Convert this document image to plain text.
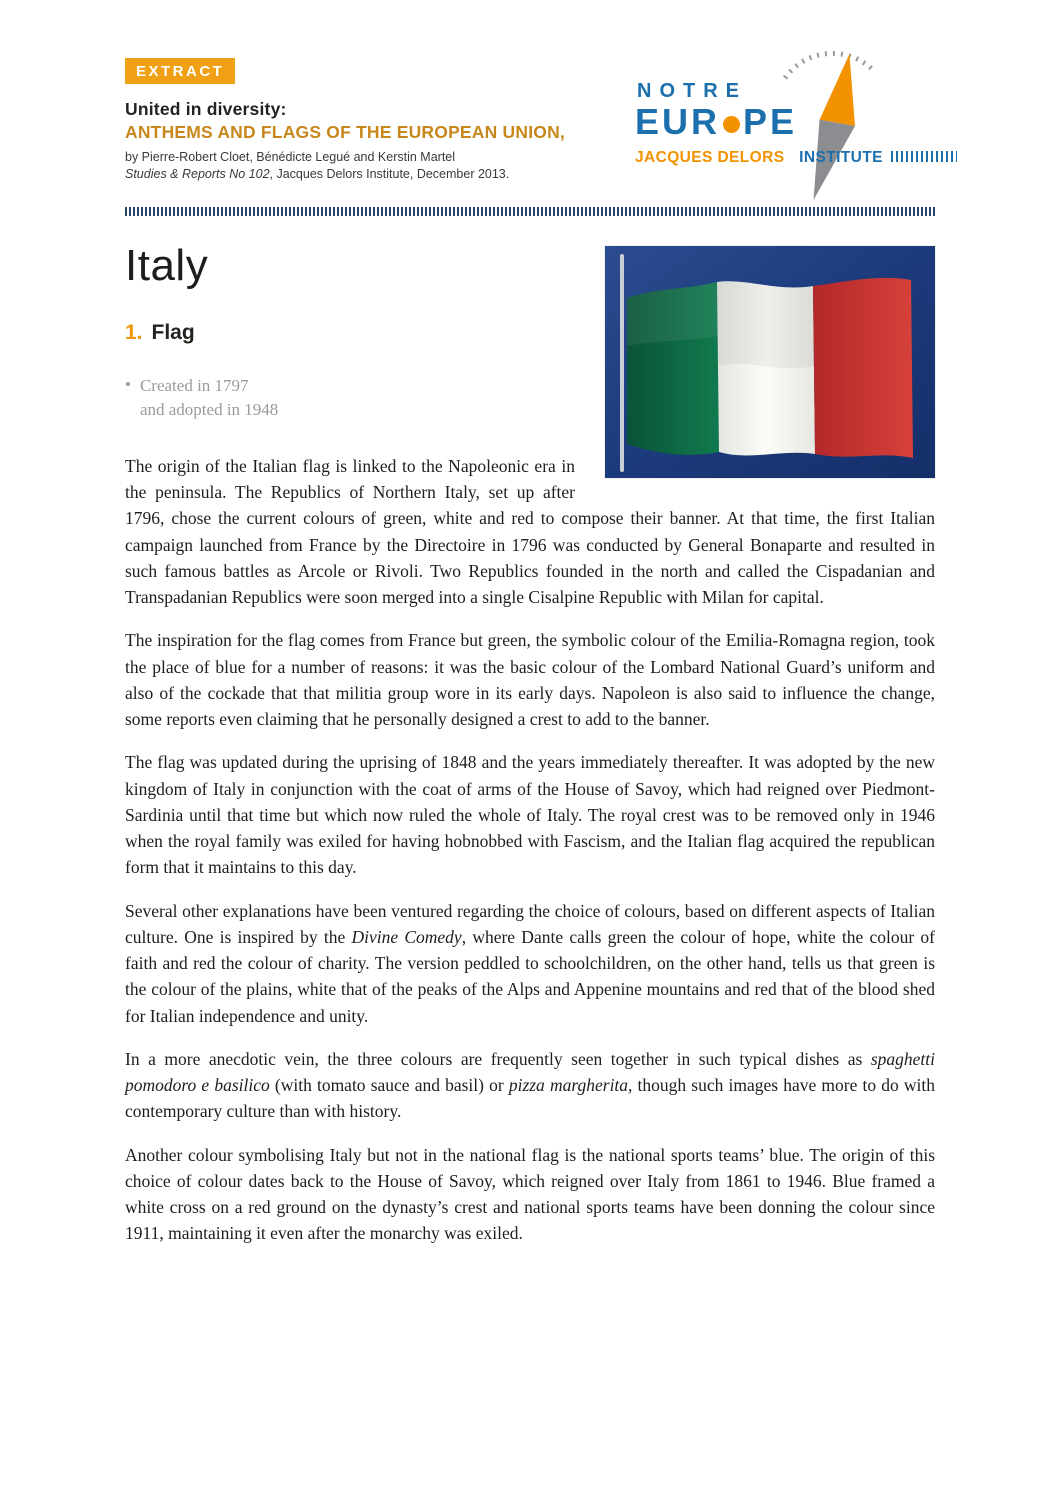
EXTRACT
United in diversity:
ANTHEMS AND FLAGS OF THE EUROPEAN UNION,
by Pierre-Robert Cloet, Bénédicte Legué and Kerstin Martel
Studies & Reports No 102, Jacques Delors Institute, December 2013.
NOTRE
EUR PE
JACQUES DELORS INSTITUTE
Italy
1. Flag
• Created in 1797
and adopted in 1948

The origin of the Italian flag is linked to the Napoleonic era in the peninsula. The Republics of Northern Italy, set up after 1796, chose the current colours of green, white and red to compose their banner. At that time, the first Italian campaign launched from France by the Directoire in 1796 was conducted by General Bonaparte and resulted in such famous battles as Arcole or Rivoli. Two Republics founded in the north and called the Cispadanian and Transpadanian Republics were soon merged into a single Cisalpine Republic with Milan for capital.

The inspiration for the flag comes from France but green, the symbolic colour of the Emilia-Romagna region, took the place of blue for a number of reasons: it was the basic colour of the Lombard National Guard’s uniform and also of the cockade that that militia group wore in its early days. Napoleon is also said to influence the change, some reports even claiming that he personally designed a crest to add to the banner.

The flag was updated during the uprising of 1848 and the years immediately thereafter. It was adopted by the new kingdom of Italy in conjunction with the coat of arms of the House of Savoy, which had reigned over Piedmont-Sardinia until that time but which now ruled the whole of Italy. The royal crest was to be removed only in 1946 when the royal family was exiled for having hobnobbed with Fascism, and the Italian flag acquired the republican form that it maintains to this day.

Several other explanations have been ventured regarding the choice of colours, based on different aspects of Italian culture. One is inspired by the Divine Comedy, where Dante calls green the colour of hope, white the colour of faith and red the colour of charity. The version peddled to schoolchildren, on the other hand, tells us that green is the colour of the plains, white that of the peaks of the Alps and Appenine mountains and red that of the blood shed for Italian independence and unity.

In a more anecdotic vein, the three colours are frequently seen together in such typical dishes as spaghetti pomodoro e basilico (with tomato sauce and basil) or pizza margherita, though such images have more to do with contemporary culture than with history.

Another colour symbolising Italy but not in the national flag is the national sports teams’ blue. The origin of this choice of colour dates back to the House of Savoy, which reigned over Italy from 1861 to 1946. Blue framed a white cross on a red ground on the dynasty’s crest and national sports teams have been donning the colour since 1911, maintaining it even after the monarchy was exiled.
